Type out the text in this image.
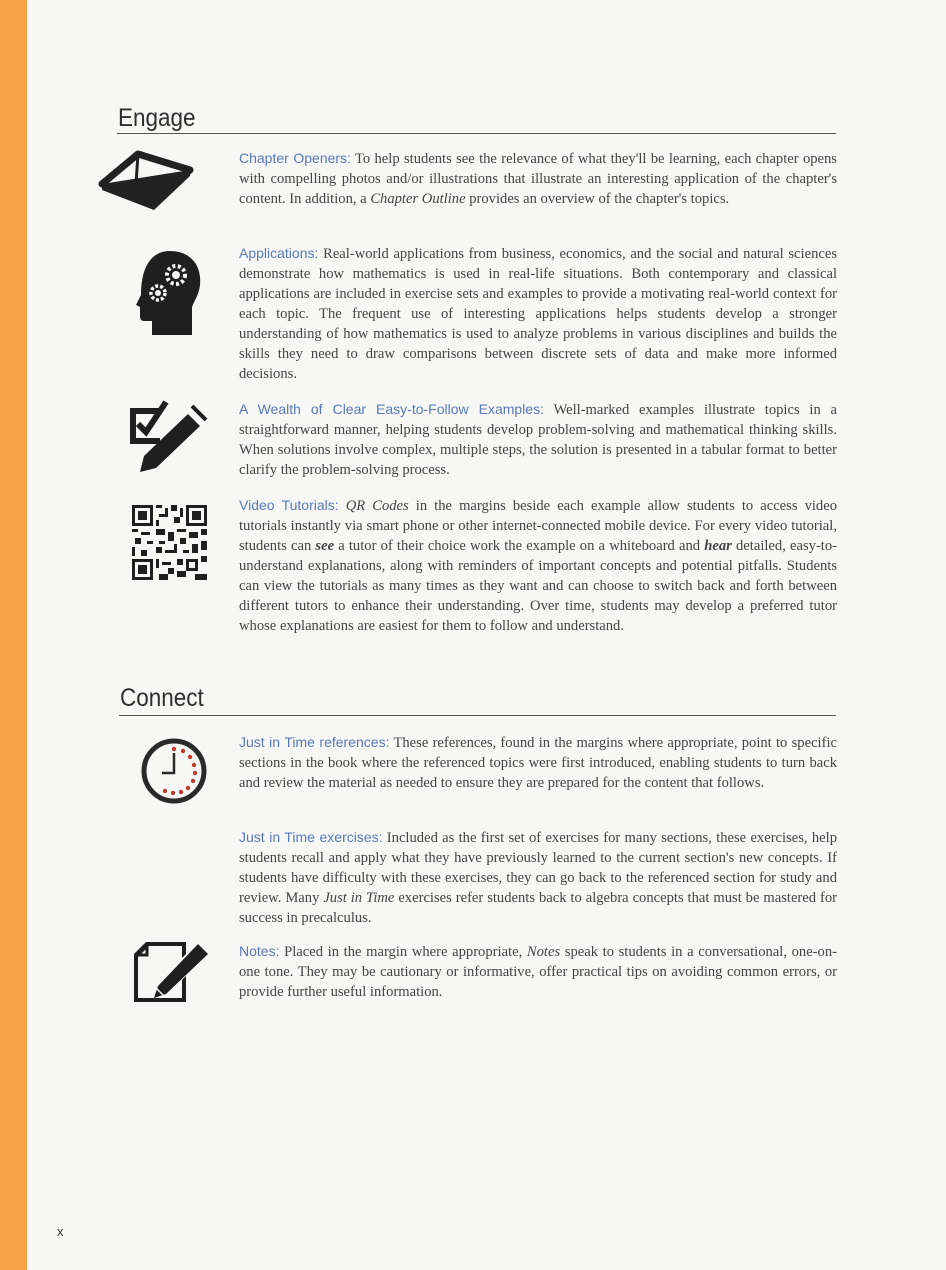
Engage
Chapter Openers: To help students see the relevance of what they'll be learning, each chapter opens with compelling photos and/or illustrations that illustrate an interesting application of the chapter's content. In addition, a Chapter Outline provides an overview of the chapter's topics.
Applications: Real-world applications from business, economics, and the social and natural sciences demonstrate how mathematics is used in real-life situations. Both contemporary and classical applications are included in exercise sets and examples to provide a motivating real-world context for each topic. The frequent use of interesting applications helps students develop a stronger understanding of how mathematics is used to analyze problems in various disciplines and builds the skills they need to draw comparisons between discrete sets of data and make more informed decisions.
A Wealth of Clear Easy-to-Follow Examples: Well-marked examples illustrate topics in a straightforward manner, helping students develop problem-solving and mathematical thinking skills. When solutions involve complex, multiple steps, the solution is presented in a tabular format to better clarify the problem-solving process.
Video Tutorials: QR Codes in the margins beside each example allow students to access video tutorials instantly via smart phone or other internet-connected mobile device. For every video tutorial, students can see a tutor of their choice work the example on a whiteboard and hear detailed, easy-to-understand explanations, along with reminders of important concepts and potential pitfalls. Students can view the tutorials as many times as they want and can choose to switch back and forth between different tutors to enhance their understanding. Over time, students may develop a preferred tutor whose explanations are easiest for them to follow and understand.
Connect
Just in Time references: These references, found in the margins where appropriate, point to specific sections in the book where the referenced topics were first introduced, enabling students to turn back and review the material as needed to ensure they are prepared for the content that follows.
Just in Time exercises: Included as the first set of exercises for many sections, these exercises, help students recall and apply what they have previously learned to the current section's new concepts. If students have difficulty with these exercises, they can go back to the referenced section for study and review. Many Just in Time exercises refer students back to algebra concepts that must be mastered for success in precalculus.
Notes: Placed in the margin where appropriate, Notes speak to students in a conversational, one-on-one tone. They may be cautionary or informative, offer practical tips on avoiding common errors, or provide further useful information.
x
